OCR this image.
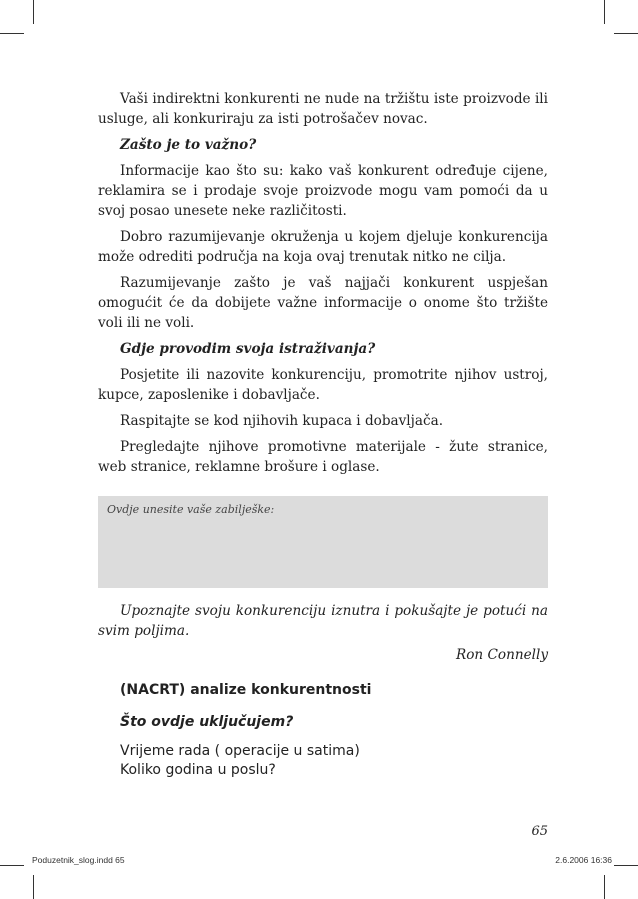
Vaši indirektni konkurenti ne nude na tržištu iste proizvode ili usluge, ali konkuriraju za isti potrošačev novac.

Zašto je to važno?

Informacije kao što su: kako vaš konkurent određuje cijene, reklamira se i prodaje svoje proizvode mogu vam pomoći da u svoj posao unesete neke različitosti.

Dobro razumijevanje okruženja u kojem djeluje konkurencija može odrediti područja na koja ovaj trenutak nitko ne cilja.

Razumijevanje zašto je vaš najjači konkurent uspješan omogućit će da dobijete važne informacije o onome što tržište voli ili ne voli.

Gdje provodim svoja istraživanja?

Posjetite ili nazovite konkurenciju, promotrite njihov ustroj, kupce, zaposlenike i dobavljače.

Raspitajte se kod njihovih kupaca i dobavljača.

Pregledajte njihove promotivne materijale - žute stranice, web stranice, reklamne brošure i oglase.

Ovdje unesite vaše zabilješke:

Upoznajte svoju konkurenciju iznutra i pokušajte je potući na svim poljima.

Ron Connelly
(NACRT) analize konkurentnosti
Što ovdje uključujem?
Vrijeme rada ( operacije u satima)
Koliko godina u poslu?
65
Poduzetnik_slog.indd 65	2.6.2006 16:36
